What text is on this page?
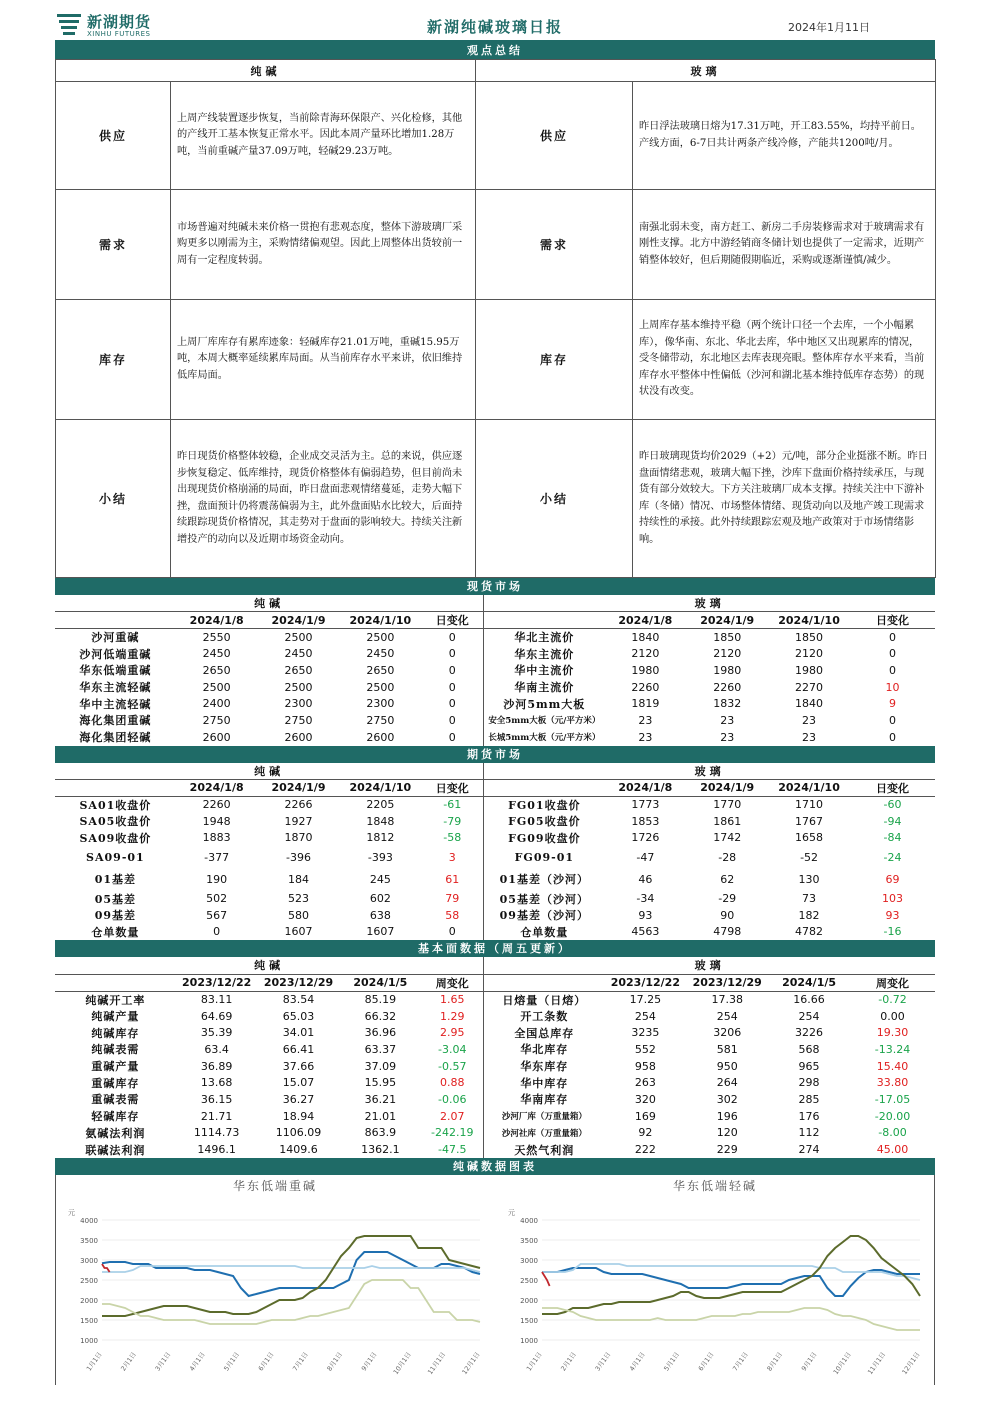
新湖期货
XINHU FUTURES	新湖纯碱玻璃日报	2024年1月11日
观点总结
纯碱		玻璃	
供应	上周产线装置逐步恢复，当前除青海环保限产、兴化检修，其他的产线开工基本恢复正常水平。因此本周产量环比增加1.28万吨，当前重碱产量37.09万吨，轻碱29.23万吨。	供应	昨日浮法玻璃日熔为17.31万吨，开工83.55%，均持平前日。产线方面，6-7日共计两条产线冷修，产能共1200吨/月。
需求	市场普遍对纯碱未来价格一贯抱有悲观态度，整体下游玻璃厂采购更多以刚需为主，采购情绪偏观望。因此上周整体出货较前一周有一定程度转弱。	需求	南强北弱未变，南方赶工、新房二手房装修需求对于玻璃需求有刚性支撑。北方中游经销商冬储计划也提供了一定需求，近期产销整体较好，但后期随假期临近，采购或逐渐谨慎/减少。
库存	上周厂库库存有累库迹象：轻碱库存21.01万吨，重碱15.95万吨，本周大概率延续累库局面。从当前库存水平来讲，依旧维持低库局面。	库存	上周库存基本维持平稳（两个统计口径一个去库，一个小幅累库），像华南、东北、华北去库，华中地区又出现累库的情况，受冬储带动，东北地区去库表现亮眼。整体库存水平来看，当前库存水平整体中性偏低（沙河和湖北基本维持低库存态势）的现状没有改变。
小结	昨日现货价格整体较稳，企业成交灵活为主。总的来说，供应逐步恢复稳定、低库维持，现货价格整体有偏弱趋势，但目前尚未出现现货价格崩涌的局面，昨日盘面悲观情绪蔓延，走势大幅下挫，盘面预计仍将震荡偏弱为主，此外盘面贴水比较大，后面持续跟踪现货价格情况，其走势对于盘面的影响较大。持续关注新增投产的动向以及近期市场资金动向。	小结	昨日玻璃现货均价2029（+2）元/吨，部分企业挺涨不断。昨日盘面情绪悲观，玻璃大幅下挫，沙库下盘面价格持续承压，与现货有部分效较大。下方关注玻璃厂成本支撑。持续关注中下游补库（冬储）情况、市场整体情绪、现货动向以及地产竣工现需求持续性的承接。此外持续跟踪宏观及地产政策对于市场情绪影响。
现货市场
纯碱					玻璃				
	2024/1/8	2024/1/9	2024/1/10	日变化		2024/1/8	2024/1/9	2024/1/10	日变化
沙河重碱	2550	2500	2500	0	华北主流价	1840	1850	1850	0
沙河低端重碱	2450	2450	2450	0	华东主流价	2120	2120	2120	0
华东低端重碱	2650	2650	2650	0	华中主流价	1980	1980	1980	0
华东主流轻碱	2500	2500	2500	0	华南主流价	2260	2260	2270	10
华中主流轻碱	2400	2300	2300	0	沙河5mm大板	1819	1832	1840	9
海化集团重碱	2750	2750	2750	0	安全5mm大板（元/平方米）	23	23	23	0
海化集团轻碱	2600	2600	2600	0	长城5mm大板（元/平方米）	23	23	23	0
期货市场
纯碱					玻璃				
	2024/1/8	2024/1/9	2024/1/10	日变化		2024/1/8	2024/1/9	2024/1/10	日变化
SA01收盘价	2260	2266	2205	-61	FG01收盘价	1773	1770	1710	-60
SA05收盘价	1948	1927	1848	-79	FG05收盘价	1853	1861	1767	-94
SA09收盘价	1883	1870	1812	-58	FG09收盘价	1726	1742	1658	-84
SA09-01	-377	-396	-393	3	FG09-01	-47	-28	-52	-24
01基差	190	184	245	61	01基差（沙河）	46	62	130	69
05基差	502	523	602	79	05基差（沙河）	-34	-29	73	103
09基差	567	580	638	58	09基差（沙河）	93	90	182	93
仓单数量	0	1607	1607	0	仓单数量	4563	4798	4782	-16
基本面数据（周五更新）
纯碱					玻璃				
	2023/12/22	2023/12/29	2024/1/5	周变化		2023/12/22	2023/12/29	2024/1/5	周变化
纯碱开工率	83.11	83.54	85.19	1.65	日熔量（日熔）	17.25	17.38	16.66	-0.72
纯碱产量	64.69	65.03	66.32	1.29	开工条数	254	254	254	0.00
纯碱库存	35.39	34.01	36.96	2.95	全国总库存	3235	3206	3226	19.30
纯碱表需	63.4	66.41	63.37	-3.04	华北库存	552	581	568	-13.24
重碱产量	36.89	37.66	37.09	-0.57	华东库存	958	950	965	15.40
重碱库存	13.68	15.07	15.95	0.88	华中库存	263	264	298	33.80
重碱表需	36.15	36.27	36.21	-0.06	华南库存	320	302	285	-17.05
轻碱库存	21.71	18.94	21.01	2.07	沙河厂库（万重量箱）	169	196	176	-20.00
氨碱法利润	1114.73	1106.09	863.9	-242.19	沙河社库（万重量箱）	92	120	112	-8.00
联碱法利润	1496.1	1409.6	1362.1	-47.5	天然气利润	222	229	274	45.00
纯碱数据图表
华东低端重碱
元
1000
1500
2000
2500
3000
3500
4000
1月1日 2月1日 3月1日 4月1日 5月1日 6月1日 7月1日 8月1日 9月1日 10月1日 11月1日 12月1日
华东低端轻碱
元
1000
1500
2000
2500
3000
3500
4000
1月1日 2月1日 3月1日 4月1日 5月1日 6月1日 7月1日 8月1日 9月1日 10月1日 11月1日 12月1日
